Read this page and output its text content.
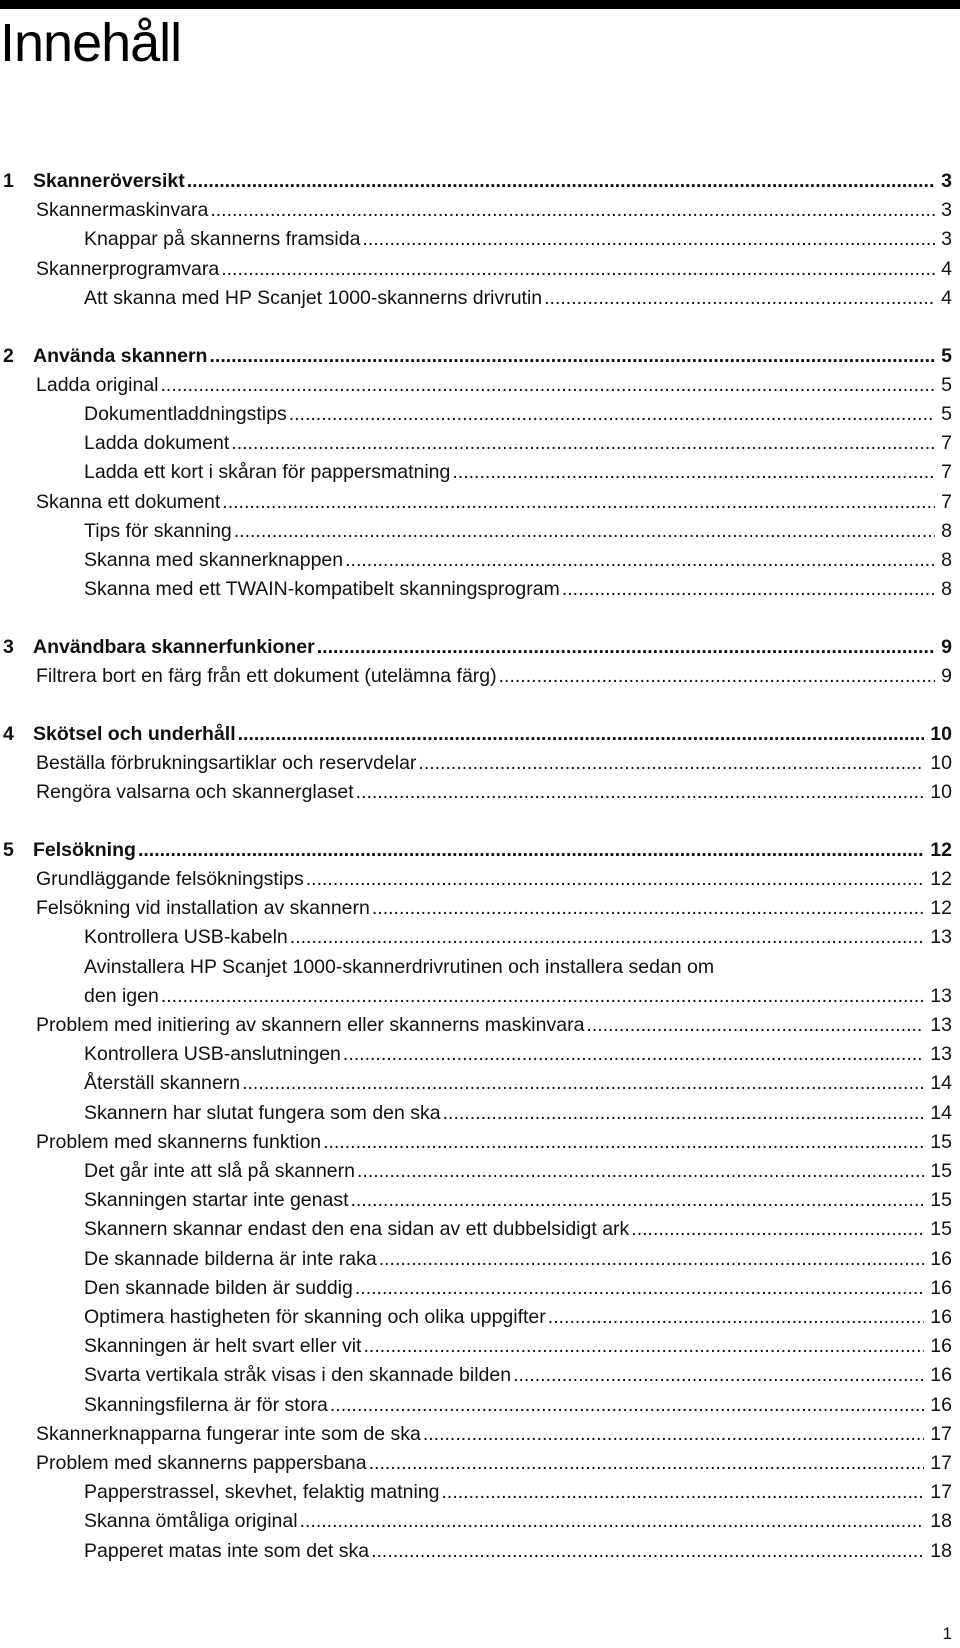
Innehåll
1 Skanneröversikt .....	3
Skannermaskinvara .....	3
Knappar på skannerns framsida .....	3
Skannerprogramvara .....	4
Att skanna med HP Scanjet 1000-skannerns drivrutin .....	4
2 Använda skannern .....	5
Ladda original .....	5
Dokumentladdningstips .....	5
Ladda dokument .....	7
Ladda ett kort i skåran för pappersmatning .....	7
Skanna ett dokument .....	7
Tips för skanning .....	8
Skanna med skannerknappen .....	8
Skanna med ett TWAIN-kompatibelt skanningsprogram .....	8
3 Användbara skannerfunkioner .....	9
Filtrera bort en färg från ett dokument (utelämna färg) .....	9
4 Skötsel och underhåll .....	10
Beställa förbrukningsartiklar och reservdelar .....	10
Rengöra valsarna och skannerglaset .....	10
5 Felsökning .....	12
Grundläggande felsökningstips .....	12
Felsökning vid installation av skannern .....	12
Kontrollera USB-kabeln .....	13
Avinstallera HP Scanjet 1000-skannerdrivrutinen och installera sedan om
den igen .....	13
Problem med initiering av skannern eller skannerns maskinvara .....	13
Kontrollera USB-anslutningen .....	13
Återställ skannern .....	14
Skannern har slutat fungera som den ska .....	14
Problem med skannerns funktion .....	15
Det går inte att slå på skannern .....	15
Skanningen startar inte genast .....	15
Skannern skannar endast den ena sidan av ett dubbelsidigt ark .....	15
De skannade bilderna är inte raka .....	16
Den skannade bilden är suddig .....	16
Optimera hastigheten för skanning och olika uppgifter .....	16
Skanningen är helt svart eller vit .....	16
Svarta vertikala stråk visas i den skannade bilden .....	16
Skanningsfilerna är för stora .....	16
Skannerknapparna fungerar inte som de ska .....	17
Problem med skannerns pappersbana .....	17
Papperstrassel, skevhet, felaktig matning .....	17
Skanna ömtåliga original .....	18
Papperet matas inte som det ska .....	18
1
